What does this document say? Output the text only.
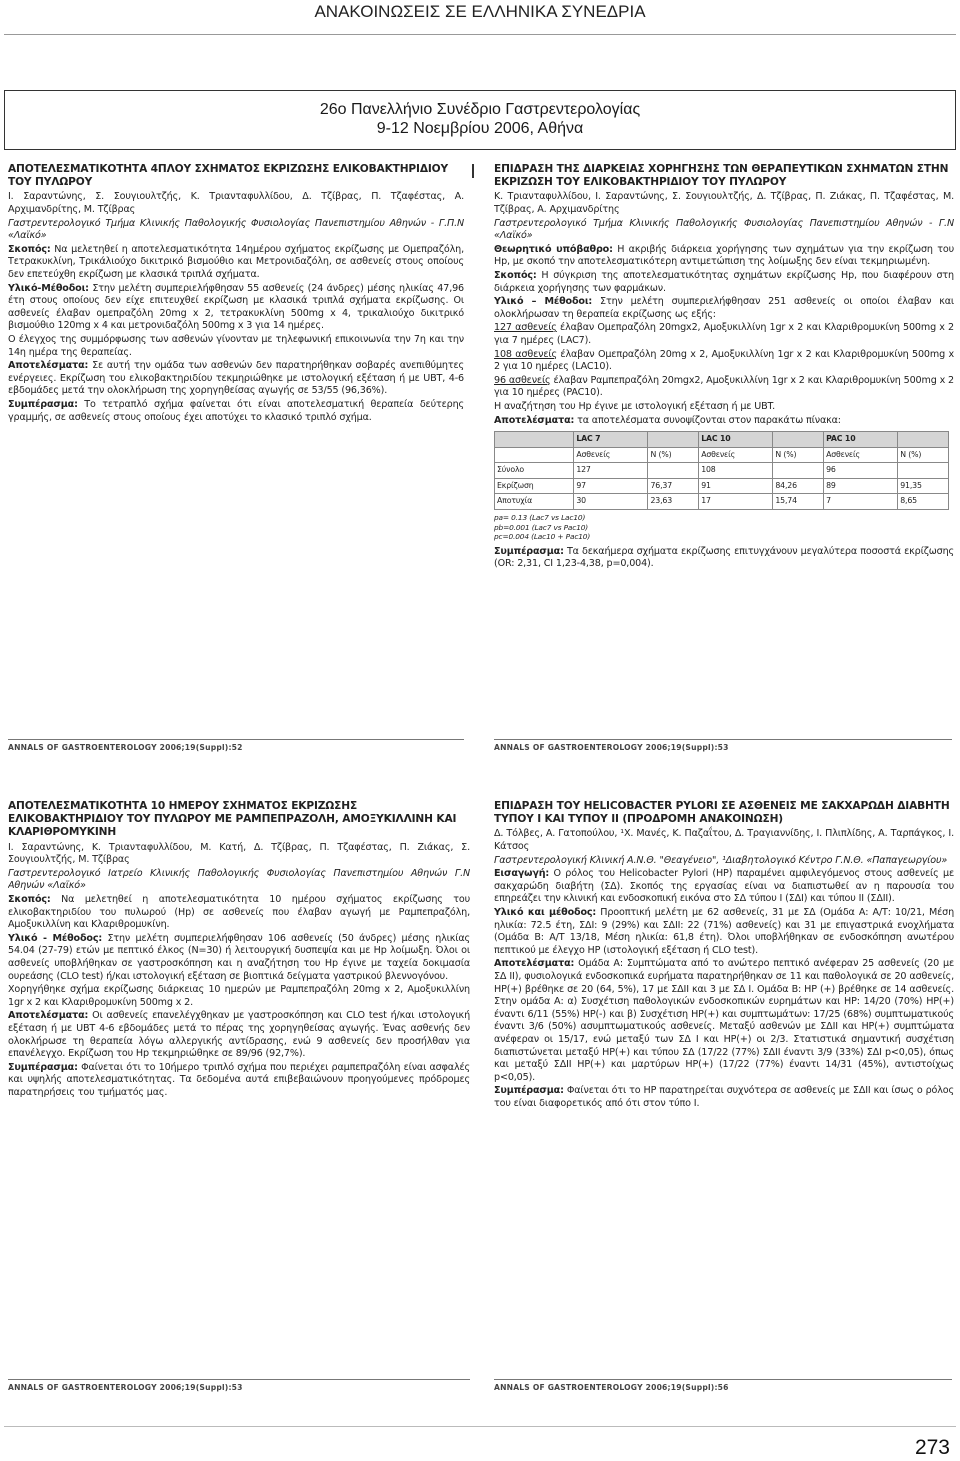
ΑΝΑΚΟΙΝΩΣΕΙΣ ΣΕ ΕΛΛΗΝΙΚΑ ΣΥΝΕΔΡΙΑ
26ο Πανελλήνιο Συνέδριο Γαστρεντερολογίας
9-12 Νοεμβρίου 2006, Αθήνα
ΑΠΟΤΕΛΕΣΜΑΤΙΚΟΤΗΤΑ 4ΠΛΟΥ ΣΧΗΜΑΤΟΣ ΕΚΡΙΖΩΣΗΣ ΕΛΙΚΟΒΑΚΤΗΡΙΔΙΟΥ ΤΟΥ ΠΥΛΩΡΟΥ

Ι. Σαραντώνης, Σ. Σουγιουλτζής, Κ. Τριανταφυλλίδου, Δ. Τζίβρας, Π. Τζαφέστας, Α. Αρχιμανδρίτης, Μ. Τζίβρας

Γαστρεντερολογικό Τμήμα Κλινικής Παθολογικής Φυσιολογίας Πανεπιστημίου Αθηνών - Γ.Π.Ν «Λαϊκό»

Σκοπός: Να μελετηθεί η αποτελεσματικότητα 14ημέρου σχήματος εκρίζωσης με Ομεπραζόλη, Τετρακυκλίνη, Τρικάλιούχο δικιτρικό βισμούθιο και Μετρονιδαζόλη, σε ασθενείς στους οποίους δεν επετεύχθη εκρίζωση με κλασικά τριπλά σχήματα.

Υλικό-Μέθοδοι: Στην μελέτη συμπεριελήφθησαν 55 ασθενείς (24 άνδρες) μέσης ηλικίας 47,96 έτη στους οποίους δεν είχε επιτευχθεί εκρίζωση με κλασικά τριπλά σχήματα εκρίζωσης. Οι ασθενείς έλαβαν ομεπραζόλη 20mg x 2, τετρακυκλίνη 500mg x 4, τρικαλιούχο δικιτρικό βισμούθιο 120mg x 4 και μετρονιδαζόλη 500mg x 3 για 14 ημέρες.

Ο έλεγχος της συμμόρφωσης των ασθενών γίνονταν με τηλεφωνική επικοινωνία την 7η και την 14η ημέρα της θεραπείας.

Αποτελέσματα: Σε αυτή την ομάδα των ασθενών δεν παρατηρήθηκαν σοβαρές ανεπιθύμητες ενέργειες. Εκρίζωση του ελικοβακτηριδίου τεκμηριώθηκε με ιστολογική εξέταση ή με UBT, 4-6 εβδομάδες μετά την ολοκλήρωση της χορηγηθείσας αγωγής σε 53/55 (96,36%).

Συμπέρασμα: Το τετραπλό σχήμα φαίνεται ότι είναι αποτελεσματική θεραπεία δεύτερης γραμμής, σε ασθενείς στους οποίους έχει αποτύχει το κλασικό τριπλό σχήμα.

ANNALS OF GASTROENTEROLOGY 2006;19(Suppl):52
ΕΠΙΔΡΑΣΗ ΤΗΣ ΔΙΑΡΚΕΙΑΣ ΧΟΡΗΓΗΣΗΣ ΤΩΝ ΘΕΡΑΠΕΥΤΙΚΩΝ ΣΧΗΜΑΤΩΝ ΣΤΗΝ ΕΚΡΙΖΩΣΗ ΤΟΥ ΕΛΙΚΟΒΑΚΤΗΡΙΔΙΟΥ ΤΟΥ ΠΥΛΩΡΟΥ

Κ. Τριανταφυλλίδου, Ι. Σαραντώνης, Σ. Σουγιουλτζής, Δ. Τζίβρας, Π. Ζιάκας, Π. Τζαφέστας, Μ. Τζίβρας, Α. Αρχιμανδρίτης

Γαστρεντερολογικό Τμήμα Κλινικής Παθολογικής Φυσιολογίας Πανεπιστημίου Αθηνών - Γ.Ν «Λαϊκό»

Θεωρητικό υπόβαθρο: Η ακριβής διάρκεια χορήγησης των σχημάτων για την εκρίζωση του Hp, με σκοπό την αποτελεσματικότερη αντιμετώπιση της λοίμωξης δεν είναι τεκμηριωμένη.

Σκοπός: Η σύγκριση της αποτελεσματικότητας σχημάτων εκρίζωσης Hp, που διαφέρουν στη διάρκεια χορήγησης των φαρμάκων.

Υλικό – Μέθοδοι: Στην μελέτη συμπεριελήφθησαν 251 ασθενείς οι οποίοι έλαβαν και ολοκλήρωσαν τη θεραπεία εκρίζωσης ως εξής:

127 ασθενείς έλαβαν Ομεπραζόλη 20mgx2, Αμοξυκιλλίνη 1gr x 2 και Κλαριθρομυκίνη 500mg x 2 για 7 ημέρες (LAC7).

108 ασθενείς έλαβαν Ομεπραζόλη 20mg x 2, Αμοξυκιλλίνη 1gr x 2 και Κλαριθρομυκίνη 500mg x 2 για 10 ημέρες (LAC10).

96 ασθενείς έλαβαν Ραμπεπραζόλη 20mgx2, Αμοξυκιλλίνη 1gr x 2 και Κλαριθρομυκίνη 500mg x 2 για 10 ημέρες (PAC10).

Η αναζήτηση του Hp έγινε με ιστολογική εξέταση ή με UBT.

Αποτελέσματα: τα αποτελέσματα συνοψίζονται στον παρακάτω πίνακα:

	LAC 7		LAC 10		PAC 10	
	Ασθενείς	N (%)	Ασθενείς	N (%)	Ασθενείς	N (%)
Σύνολο	127		108		96	
Εκρίζωση	97	76,37	91	84,26	89	91,35
Αποτυχία	30	23,63	17	15,74	7	8,65
pa= 0.13 (Lac7 vs Lac10)
pb=0.001 (Lac7 vs Pac10)
pc=0.004 (Lac10 + Pac10)

Συμπέρασμα: Τα δεκαήμερα σχήματα εκρίζωσης επιτυγχάνουν μεγαλύτερα ποσοστά εκρίζωσης (OR: 2,31, CI 1,23-4,38, p=0,004).

ANNALS OF GASTROENTEROLOGY 2006;19(Suppl):53
ΑΠΟΤΕΛΕΣΜΑΤΙΚΟΤΗΤΑ 10 ΗΜΕΡΟΥ ΣΧΗΜΑΤΟΣ ΕΚΡΙΖΩΣΗΣ ΕΛΙΚΟΒΑΚΤΗΡΙΔΙΟΥ ΤΟΥ ΠΥΛΩΡΟΥ ΜΕ ΡΑΜΠΕΠΡΑΖΟΛΗ, ΑΜΟΞΥΚΙΛΛΙΝΗ ΚΑΙ ΚΛΑΡΙΘΡΟΜΥΚΙΝΗ

Ι. Σαραντώνης, Κ. Τριανταφυλλίδου, Μ. Κατή, Δ. Τζίβρας, Π. Τζαφέστας, Π. Ζιάκας, Σ. Σουγιουλτζής, Μ. Τζίβρας

Γαστρεντερολογικό Ιατρείο Κλινικής Παθολογικής Φυσιολογίας Πανεπιστημίου Αθηνών Γ.Ν Αθηνών «Λαϊκό»

Σκοπός: Να μελετηθεί η αποτελεσματικότητα 10 ημέρου σχήματος εκρίζωσης του ελικοβακτηριδίου του πυλωρού (Hp) σε ασθενείς που έλαβαν αγωγή με Ραμπεπραζόλη, Αμοξυκιλλίνη και Κλαριθρομυκίνη.

Υλικό - Μέθοδος: Στην μελέτη συμπεριελήφθησαν 106 ασθενείς (50 άνδρες) μέσης ηλικίας 54.04 (27-79) ετών με πεπτικό έλκος (N=30) ή λειτουργική δυσπεψία και με Hp λοίμωξη. Όλοι οι ασθενείς υποβλήθηκαν σε γαστροσκόπηση και η αναζήτηση του Hp έγινε με ταχεία δοκιμασία ουρεάσης (CLO test) ή/και ιστολογική εξέταση σε βιοπτικά δείγματα γαστρικού βλεννογόνου.

Χορηγήθηκε σχήμα εκρίζωσης διάρκειας 10 ημερών με Ραμπεπραζόλη 20mg x 2, Αμοξυκιλλίνη 1gr x 2 και Κλαριθρομυκίνη 500mg x 2.

Αποτελέσματα: Οι ασθενείς επανελέγχθηκαν με γαστροσκόπηση και CLO test ή/και ιστολογική εξέταση ή με UBT 4-6 εβδομάδες μετά το πέρας της χορηγηθείσας αγωγής. Ένας ασθενής δεν ολοκλήρωσε τη θεραπεία λόγω αλλεργικής αντίδρασης, ενώ 9 ασθενείς δεν προσήλθαν για επανέλεγχο. Εκρίζωση του Hp τεκμηριώθηκε σε 89/96 (92,7%).

Συμπέρασμα: Φαίνεται ότι το 10ήμερο τριπλό σχήμα που περιέχει ραμπεπραζόλη είναι ασφαλές και υψηλής αποτελεσματικότητας. Τα δεδομένα αυτά επιβεβαιώνουν προηγούμενες πρόδρομες παρατηρήσεις του τμήματός μας.

ANNALS OF GASTROENTEROLOGY 2006;19(Suppl):53
ΕΠΙΔΡΑΣΗ ΤΟΥ HELICOBACTER PYLORI ΣΕ ΑΣΘΕΝΕΙΣ ΜΕ ΣΑΚΧΑΡΩΔΗ ΔΙΑΒΗΤΗ ΤΥΠΟΥ Ι ΚΑΙ ΤΥΠΟΥ ΙΙ (ΠΡΟΔΡΟΜΗ ΑΝΑΚΟΙΝΩΣΗ)

Δ. Τόλβες, Α. Γατοπούλου, ¹Χ. Μανές, Κ. Παζαΐτου, Δ. Τραγιαννίδης, Ι. Πλιπλίδης, Α. Ταρπάγκος, Ι. Κάτσος

Γαστρεντερολογική Κλινική Α.Ν.Θ. "Θεαγένειο", ¹Διαβητολογικό Κέντρο Γ.Ν.Θ. «Παπαγεωργίου»

Εισαγωγή: Ο ρόλος του Helicobacter Pylori (HP) παραμένει αμφιλεγόμενος στους ασθενείς με σακχαρώδη διαβήτη (ΣΔ). Σκοπός της εργασίας είναι να διαπιστωθεί αν η παρουσία του επηρεάζει την κλινική και ενδοσκοπική εικόνα στο ΣΔ τύπου Ι (ΣΔΙ) και τύπου ΙΙ (ΣΔΙΙ).

Υλικό και μέθοδος: Προοπτική μελέτη με 62 ασθενείς, 31 με ΣΔ (Ομάδα Α: Α/Τ: 10/21, Μέση ηλικία: 72.5 έτη, ΣΔΙ: 9 (29%) και ΣΔΙΙ: 22 (71%) ασθενείς) και 31 με επιγαστρικά ενοχλήματα (Ομάδα Β: Α/Τ 13/18, Μέση ηλικία: 61,8 έτη). Όλοι υποβλήθηκαν σε ενδοσκόπηση ανωτέρου πεπτικού με έλεγχο HP (ιστολογική εξέταση ή CLO test).

Αποτελέσματα: Ομάδα Α: Συμπτώματα από το ανώτερο πεπτικό ανέφεραν 25 ασθενείς (20 με ΣΔ ΙΙ), φυσιολογικά ενδοσκοπικά ευρήματα παρατηρήθηκαν σε 11 και παθολογικά σε 20 ασθενείς, HP(+) βρέθηκε σε 20 (64, 5%), 17 με ΣΔΙΙ και 3 με ΣΔ Ι. Ομάδα Β: HP (+) βρέθηκε σε 14 ασθενείς. Στην ομάδα Α: α) Συσχέτιση παθολογικών ενδοσκοπικών ευρημάτων και HP: 14/20 (70%) HP(+) έναντι 6/11 (55%) HP(-) και β) Συσχέτιση HP(+) και συμπτωμάτων: 17/25 (68%) συμπτωματικούς έναντι 3/6 (50%) ασυμπτωματικούς ασθενείς. Μεταξύ ασθενών με ΣΔΙΙ και HP(+) συμπτώματα ανέφεραν οι 15/17, ενώ μεταξύ των ΣΔ Ι και HP(+) οι 2/3. Στατιστικά σημαντική συσχέτιση διαπιστώνεται μεταξύ HP(+) και τύπου ΣΔ (17/22 (77%) ΣΔΙΙ έναντι 3/9 (33%) ΣΔΙ p<0,05), όπως και μεταξύ ΣΔΙΙ HP(+) και μαρτύρων HP(+) (17/22 (77%) έναντι 14/31 (45%), αντιστοίχως p<0,05).

Συμπέρασμα: Φαίνεται ότι το HP παρατηρείται συχνότερα σε ασθενείς με ΣΔΙΙ και ίσως ο ρόλος του είναι διαφορετικός από ότι στον τύπο Ι.

ANNALS OF GASTROENTEROLOGY 2006;19(Suppl):56
273
